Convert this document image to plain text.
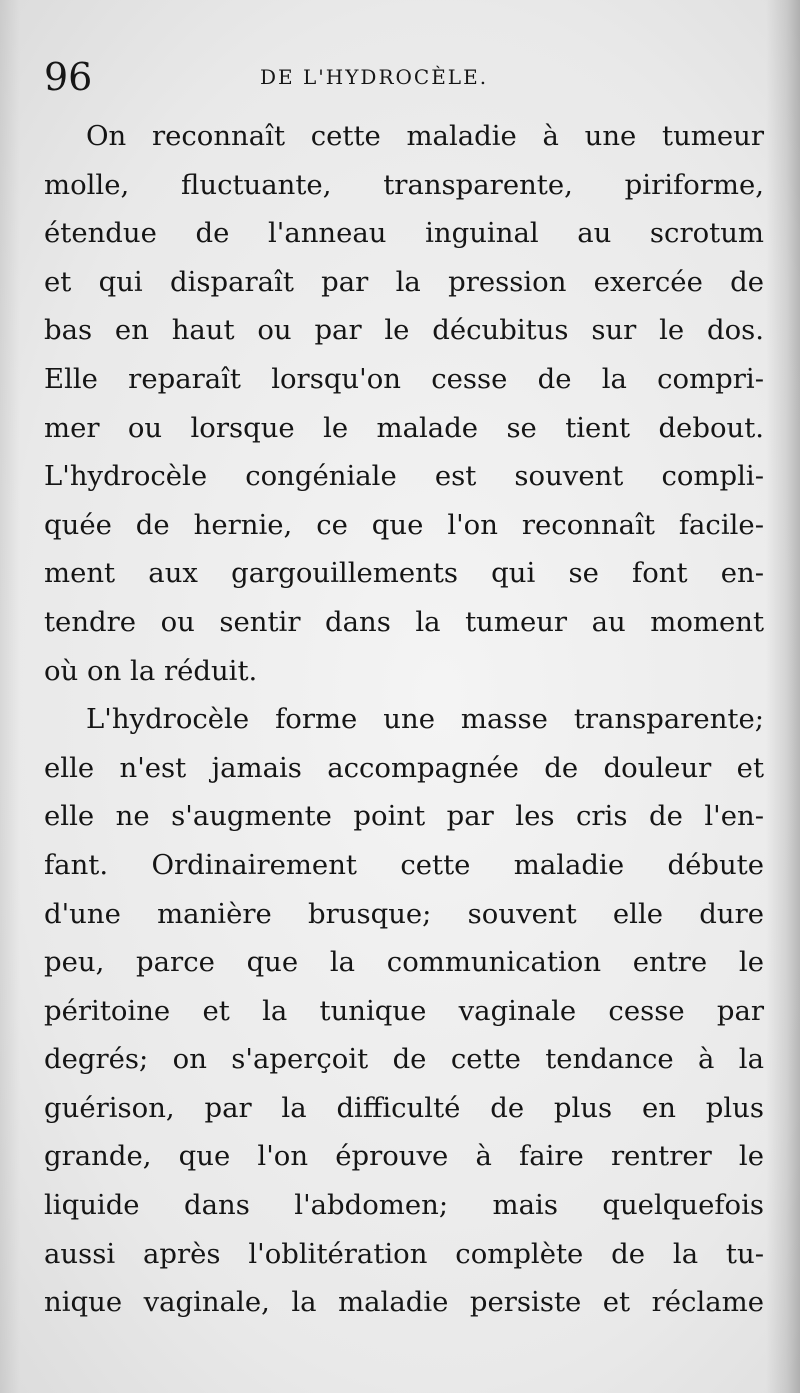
96	DE L'HYDROCÈLE.
On reconnaît cette maladie à une tumeur
molle, fluctuante, transparente, piriforme,
étendue de l'anneau inguinal au scrotum
et qui disparaît par la pression exercée de
bas en haut ou par le décubitus sur le dos.
Elle reparaît lorsqu'on cesse de la compri-
mer ou lorsque le malade se tient debout.
L'hydrocèle congéniale est souvent compli-
quée de hernie, ce que l'on reconnaît facile-
ment aux gargouillements qui se font en-
tendre ou sentir dans la tumeur au moment
où on la réduit.
L'hydrocèle forme une masse transparente;
elle n'est jamais accompagnée de douleur et
elle ne s'augmente point par les cris de l'en-
fant. Ordinairement cette maladie débute
d'une manière brusque; souvent elle dure
peu, parce que la communication entre le
péritoine et la tunique vaginale cesse par
degrés; on s'aperçoit de cette tendance à la
guérison, par la difficulté de plus en plus
grande, que l'on éprouve à faire rentrer le
liquide dans l'abdomen; mais quelquefois
aussi après l'oblitération complète de la tu-
nique vaginale, la maladie persiste et réclame
